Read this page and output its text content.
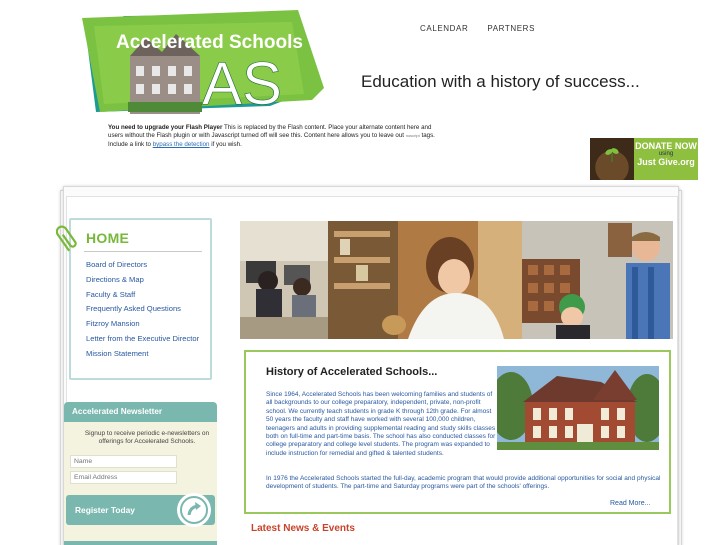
Accelerated Schools
AS
CALENDAR PARTNERS
Education with a history of success...
You need to upgrade your Flash Player This is replaced by the Flash content. Place your alternate content here and users without the Flash plugin or with Javascript turned off will see this. Content here allows you to leave out noscript tags. Include a link to bypass the detection if you wish.	DONATE NOW
using
Just Give.org
HOME
Board of Directors
Directions & Map
Faculty & Staff
Frequently Asked Questions
Fitzroy Mansion
Letter from the Executive Director
Mission Statement
Accelerated Newsletter
Signup to receive periodic e-newsletters on offerings for Accelerated Schools.
Name
Email Address
Register Today
History of Accelerated Schools...
Since 1964, Accelerated Schools has been welcoming families and students of all backgrounds to our college preparatory, independent, private, non-profit school. We currently teach students in grade K through 12th grade. For almost 50 years the faculty and staff have worked with several 100,000 children, teenagers and adults in providing supplemental reading and study skills classes both on full-time and part-time basis. The school has also conducted classes for college preparatory and college level students. The program was expanded to include instruction for remedial and gifted & talented students.
In 1976 the Accelerated Schools started the full-day, academic program that would provide additional opportunities for social and physical development of students. The part-time and Saturday programs were part of the schools' offerings.
Read More...
Latest News & Events
